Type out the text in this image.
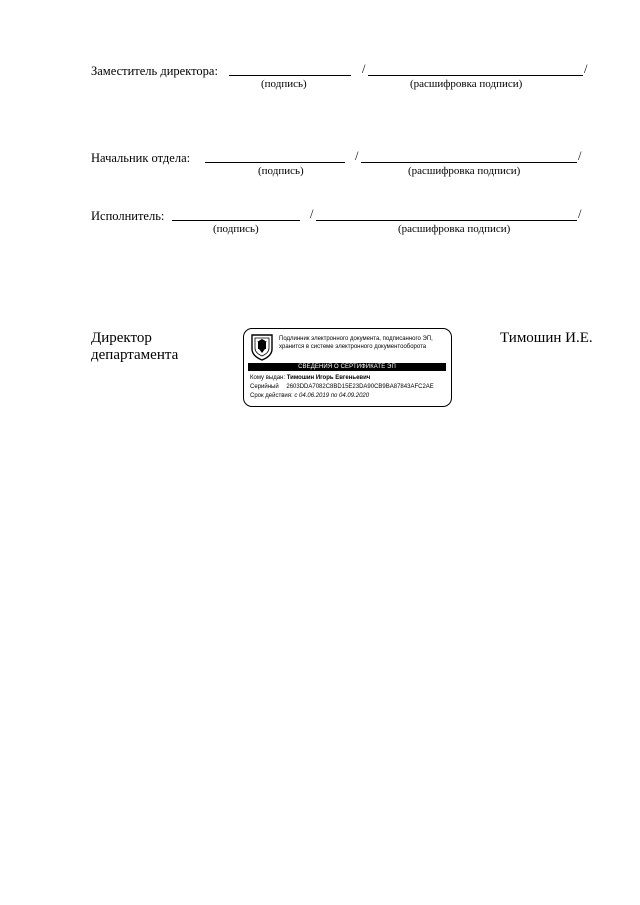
Заместитель директора:	/	/
(подпись)	(расшифровка подписи)
Начальник отдела:	/	/
(подпись)	(расшифровка подписи)
Исполнитель:	/	/
(подпись)	(расшифровка подписи)
Директор
департамента
Тимошин И.Е.
Подлинник электронного документа, подписанного ЭП,
хранится в системе электронного документооборота
СВЕДЕНИЯ О СЕРТИФИКАТЕ ЭП
Кому выдан: Тимошин Игорь Евгеньевич
Серийный 2603DDA7082C8BD15E23DA90CB9BA87843AFC2AE
Срок действия: с 04.06.2019 по 04.09.2020
